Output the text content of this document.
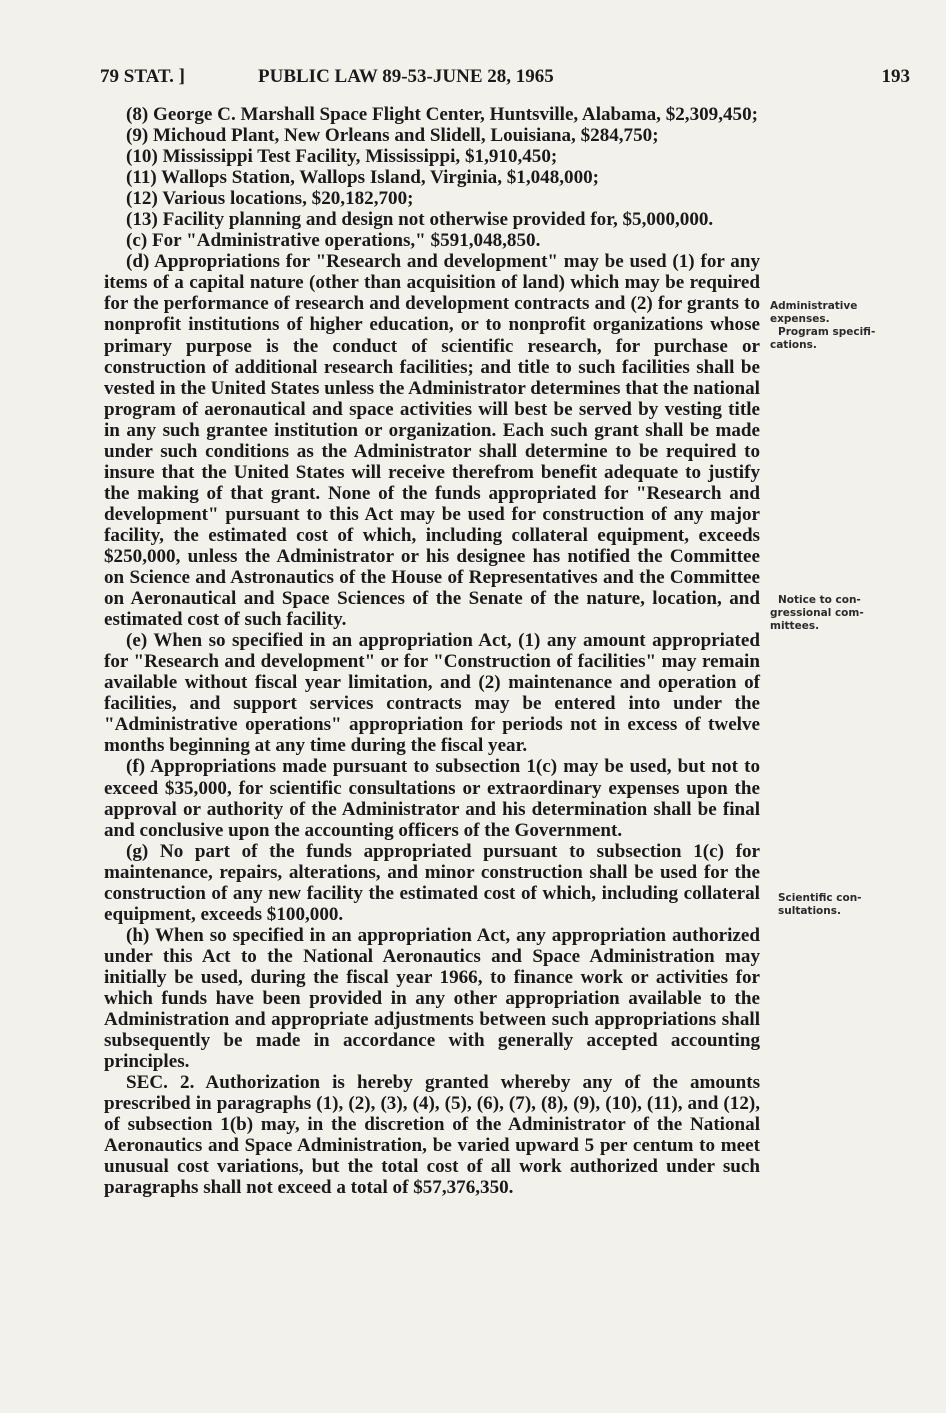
79 STAT. ]	PUBLIC LAW 89-53-JUNE 28, 1965	193

(8) George C. Marshall Space Flight Center, Huntsville, Alabama, $2,309,450;

(9) Michoud Plant, New Orleans and Slidell, Louisiana, $284,750;

(10) Mississippi Test Facility, Mississippi, $1,910,450;

(11) Wallops Station, Wallops Island, Virginia, $1,048,000;

(12) Various locations, $20,182,700;

(13) Facility planning and design not otherwise provided for, $5,000,000.

(c) For "Administrative operations," $591,048,850.

(d) Appropriations for "Research and development" may be used (1) for any items of a capital nature (other than acquisition of land) which may be required for the performance of research and development contracts and (2) for grants to nonprofit institutions of higher education, or to nonprofit organizations whose primary purpose is the conduct of scientific research, for purchase or construction of additional research facilities; and title to such facilities shall be vested in the United States unless the Administrator determines that the national program of aeronautical and space activities will best be served by vesting title in any such grantee institution or organization. Each such grant shall be made under such conditions as the Administrator shall determine to be required to insure that the United States will receive therefrom benefit adequate to justify the making of that grant. None of the funds appropriated for "Research and development" pursuant to this Act may be used for construction of any major facility, the estimated cost of which, including collateral equipment, exceeds $250,000, unless the Administrator or his designee has notified the Committee on Science and Astronautics of the House of Representatives and the Committee on Aeronautical and Space Sciences of the Senate of the nature, location, and estimated cost of such facility.

(e) When so specified in an appropriation Act, (1) any amount appropriated for "Research and development" or for "Construction of facilities" may remain available without fiscal year limitation, and (2) maintenance and operation of facilities, and support services contracts may be entered into under the "Administrative operations" appropriation for periods not in excess of twelve months beginning at any time during the fiscal year.

(f) Appropriations made pursuant to subsection 1(c) may be used, but not to exceed $35,000, for scientific consultations or extraordinary expenses upon the approval or authority of the Administrator and his determination shall be final and conclusive upon the accounting officers of the Government.

(g) No part of the funds appropriated pursuant to subsection 1(c) for maintenance, repairs, alterations, and minor construction shall be used for the construction of any new facility the estimated cost of which, including collateral equipment, exceeds $100,000.

(h) When so specified in an appropriation Act, any appropriation authorized under this Act to the National Aeronautics and Space Administration may initially be used, during the fiscal year 1966, to finance work or activities for which funds have been provided in any other appropriation available to the Administration and appropriate adjustments between such appropriations shall subsequently be made in accordance with generally accepted accounting principles.

SEC. 2. Authorization is hereby granted whereby any of the amounts prescribed in paragraphs (1), (2), (3), (4), (5), (6), (7), (8), (9), (10), (11), and (12), of subsection 1(b) may, in the discretion of the Administrator of the National Aeronautics and Space Administration, be varied upward 5 per centum to meet unusual cost variations, but the total cost of all work authorized under such paragraphs shall not exceed a total of $57,376,350.

Administrative
expenses.

Program specifi-
cations.
Notice to con-
gressional com-
mittees.
Scientific con-
sultations.
